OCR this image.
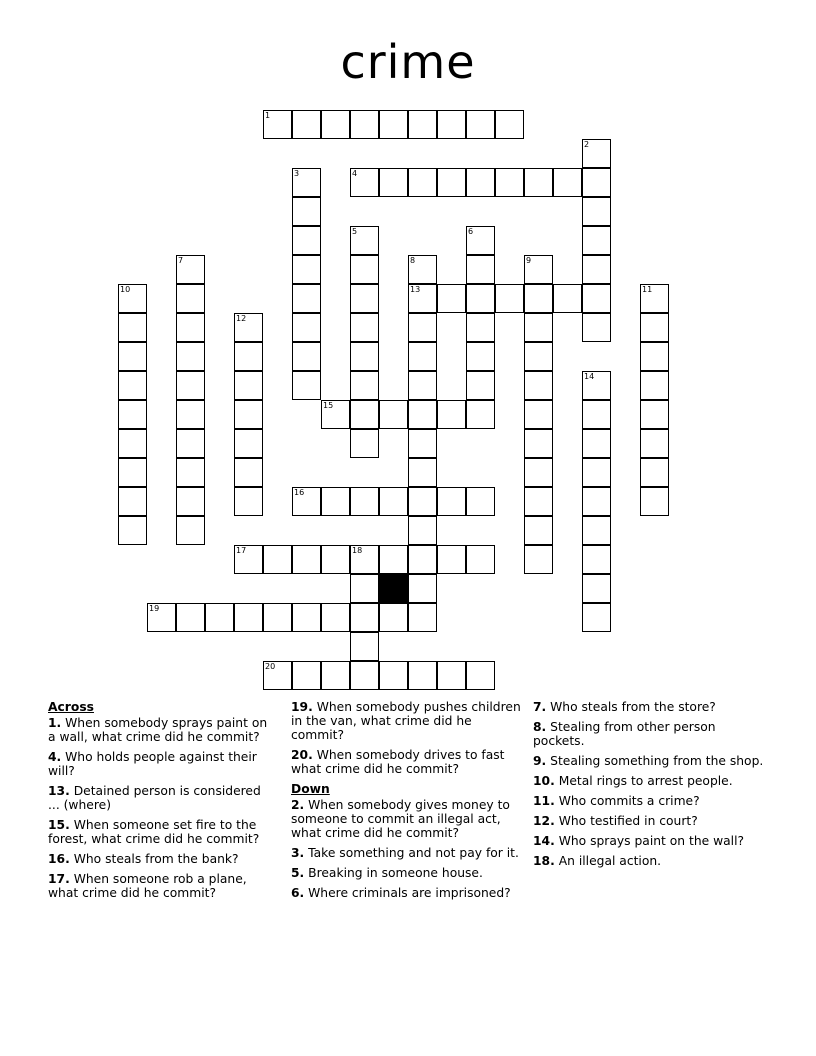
crime
1
4
13
15
16
17	18
19
20
2
3
5	6
7	8	9
10	11
12
14
Across
1. When somebody sprays paint on a wall, what crime did he commit?
4. Who holds people against their will?
13. Detained person is considered ... (where)
15. When someone set fire to the forest, what crime did he commit?
16. Who steals from the bank?
17. When someone rob a plane, what crime did he commit?
19. When somebody pushes children in the van, what crime did he commit?
20. When somebody drives to fast what crime did he commit?
Down
2. When somebody gives money to someone to commit an illegal act, what crime did he commit?
3. Take something and not pay for it.
5. Breaking in someone house.
6. Where criminals are imprisoned?
7. Who steals from the store?
8. Stealing from other person pockets.
9. Stealing something from the shop.
10. Metal rings to arrest people.
11. Who commits a crime?
12. Who testified in court?
14. Who sprays paint on the wall?
18. An illegal action.
